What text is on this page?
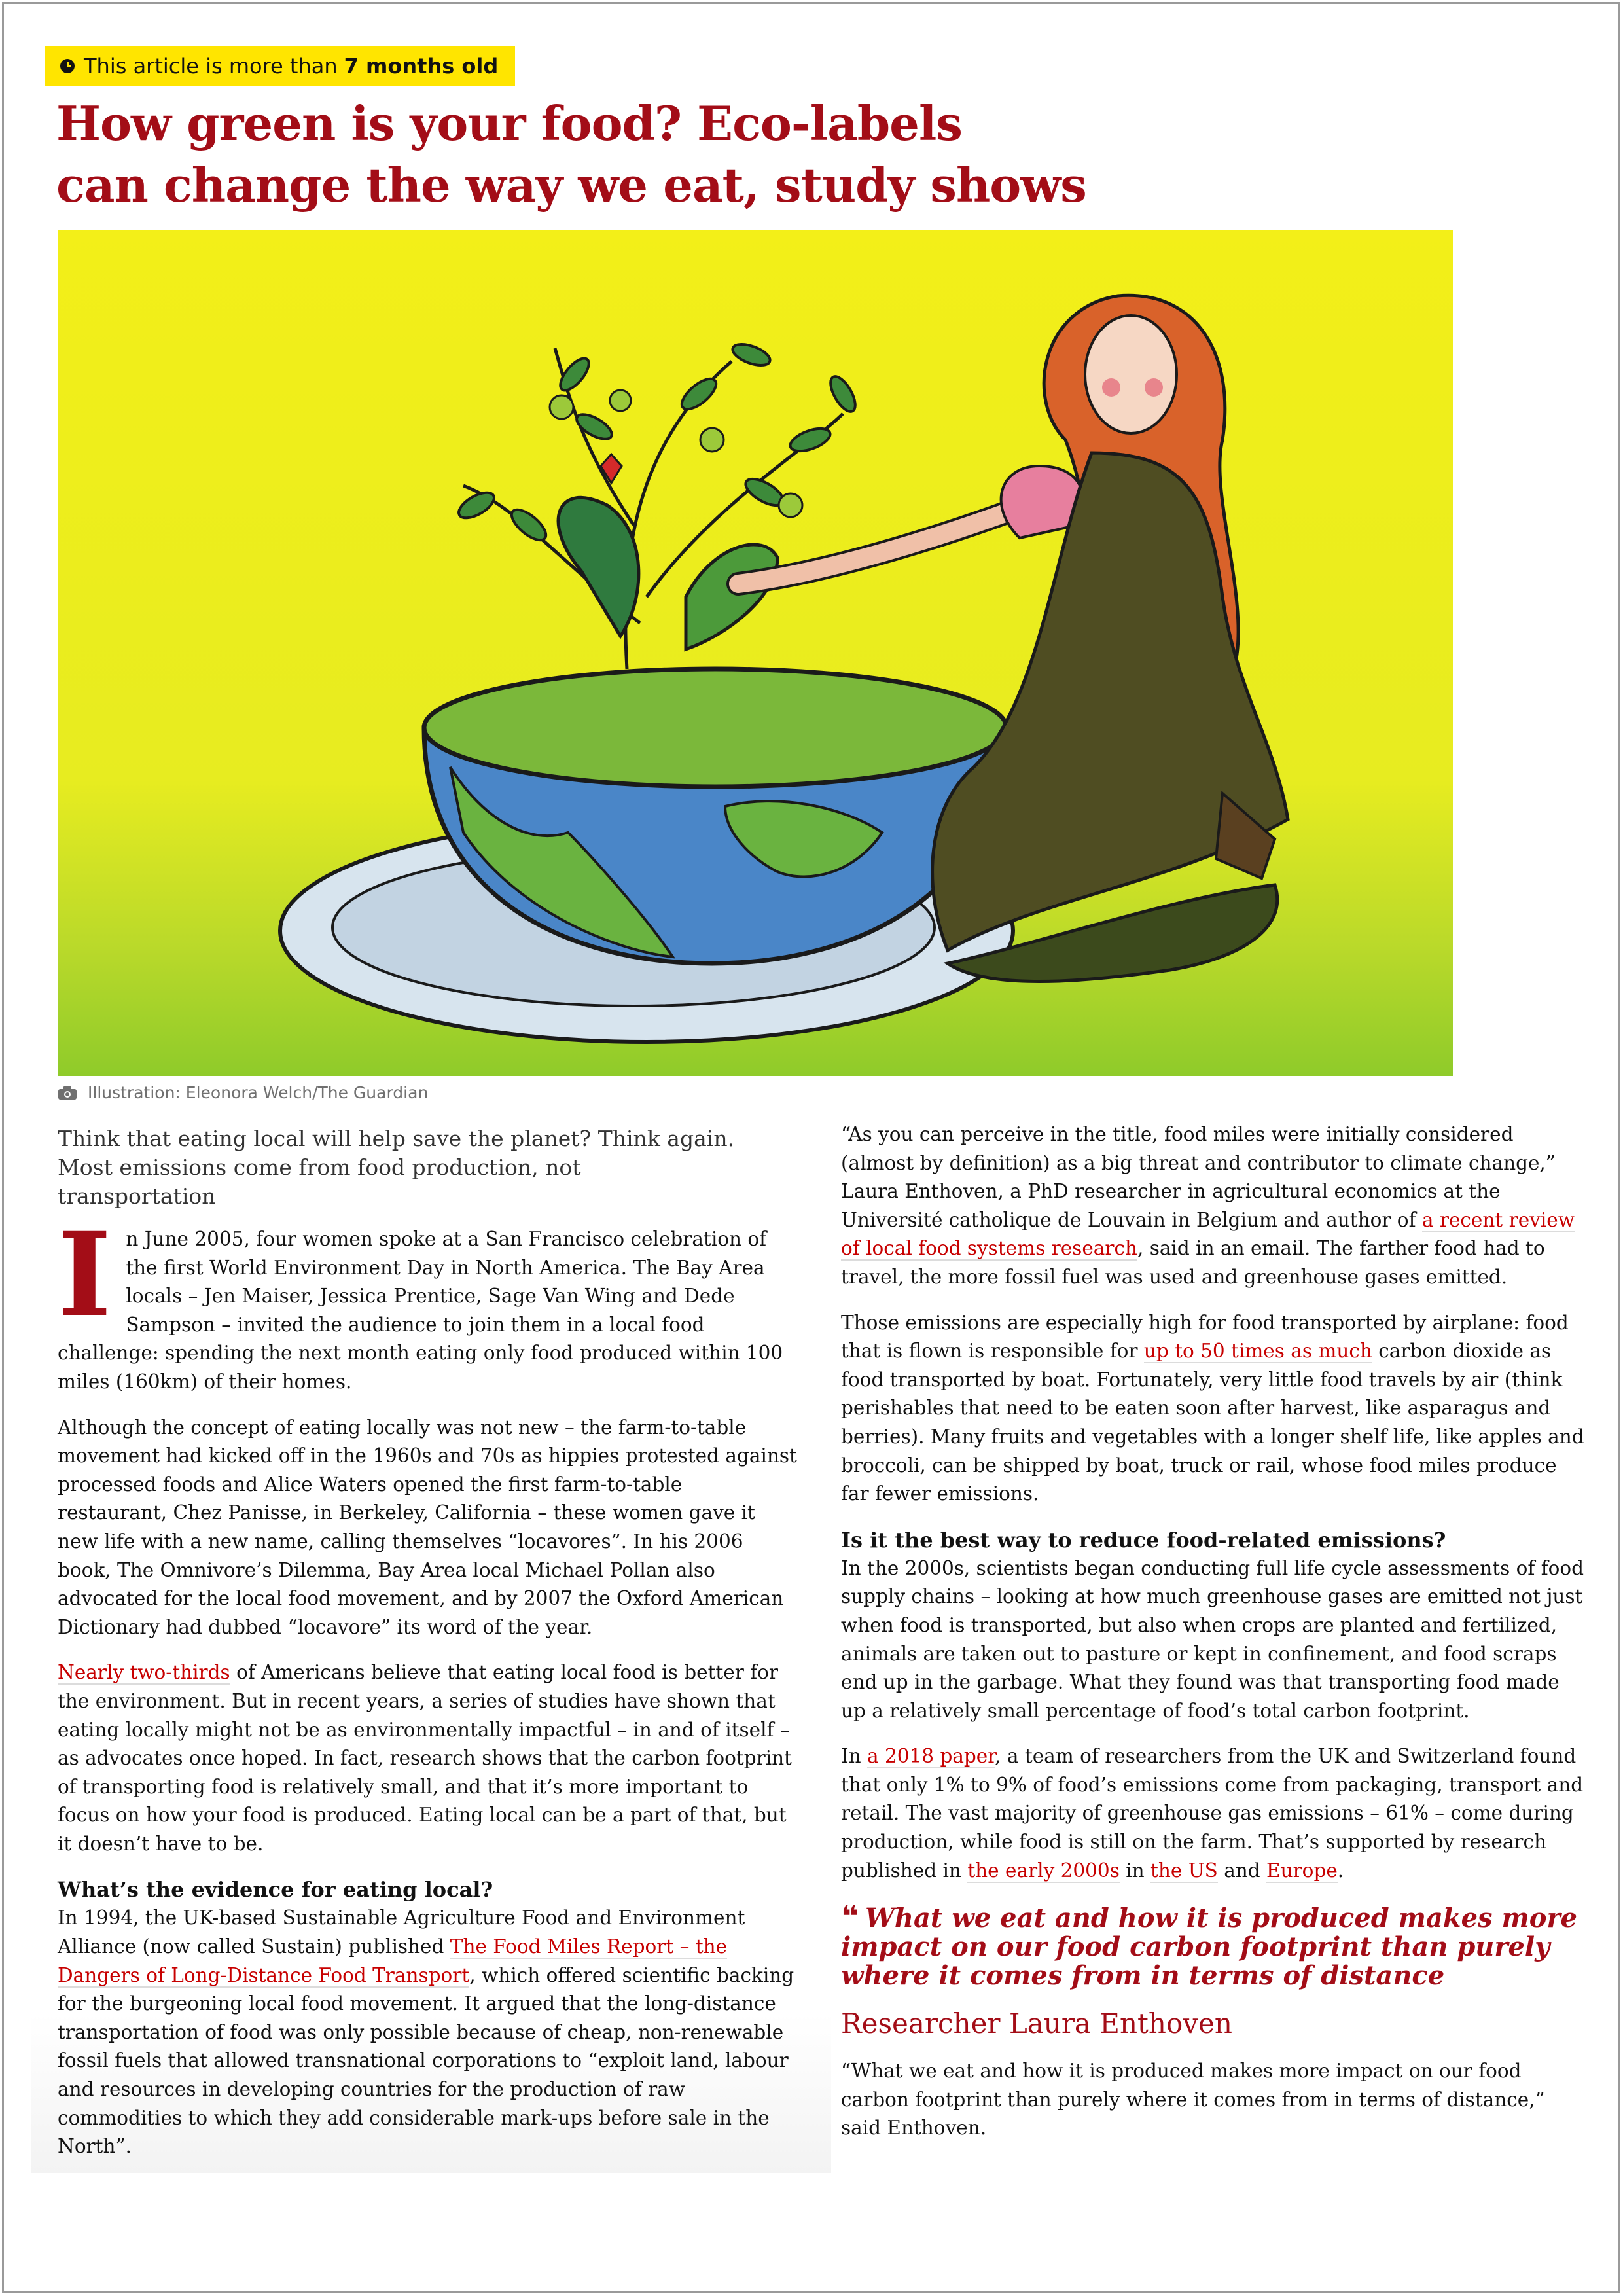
This article is more than 7 months old
How green is your food? Eco-labels
can change the way we eat, study shows
Illustration: Eleonora Welch/The Guardian
Think that eating local will help save the planet? Think again. Most emissions come from food production, not transportation

In June 2005, four women spoke at a San Francisco celebration of the first World Environment Day in North America. The Bay Area locals – Jen Maiser, Jessica Prentice, Sage Van Wing and Dede Sampson – invited the audience to join them in a local food challenge: spending the next month eating only food produced within 100 miles (160km) of their homes.

Although the concept of eating locally was not new – the farm-to-table movement had kicked off in the 1960s and 70s as hippies protested against processed foods and Alice Waters opened the first farm-to-table restaurant, Chez Panisse, in Berkeley, California – these women gave it new life with a new name, calling themselves “locavores”. In his 2006 book, The Omnivore’s Dilemma, Bay Area local Michael Pollan also advocated for the local food movement, and by 2007 the Oxford American Dictionary had dubbed “locavore” its word of the year.

Nearly two-thirds of Americans believe that eating local food is better for the environment. But in recent years, a series of studies have shown that eating locally might not be as environmentally impactful – in and of itself – as advocates once hoped. In fact, research shows that the carbon footprint of transporting food is relatively small, and that it’s more important to focus on how your food is produced. Eating local can be a part of that, but it doesn’t have to be.

What’s the evidence for eating local?

In 1994, the UK-based Sustainable Agriculture Food and Environment Alliance (now called Sustain) published The Food Miles Report – the Dangers of Long-Distance Food Transport, which offered scientific backing for the burgeoning local food movement. It argued that the long-distance transportation of food was only possible because of cheap, non-renewable fossil fuels that allowed transnational corporations to “exploit land, labour and resources in developing countries for the production of raw commodities to which they add considerable mark-ups before sale in the North”.

“As you can perceive in the title, food miles were initially considered (almost by definition) as a big threat and contributor to climate change,” Laura Enthoven, a PhD researcher in agricultural economics at the Université catholique de Louvain in Belgium and author of a recent review of local food systems research, said in an email. The farther food had to travel, the more fossil fuel was used and greenhouse gases emitted.

Those emissions are especially high for food transported by airplane: food that is flown is responsible for up to 50 times as much carbon dioxide as food transported by boat. Fortunately, very little food travels by air (think perishables that need to be eaten soon after harvest, like asparagus and berries). Many fruits and vegetables with a longer shelf life, like apples and broccoli, can be shipped by boat, truck or rail, whose food miles produce far fewer emissions.

Is it the best way to reduce food-related emissions?

In the 2000s, scientists began conducting full life cycle assessments of food supply chains – looking at how much greenhouse gases are emitted not just when food is transported, but also when crops are planted and fertilized, animals are taken out to pasture or kept in confinement, and food scraps end up in the garbage. What they found was that transporting food made up a relatively small percentage of food’s total carbon footprint.

In a 2018 paper, a team of researchers from the UK and Switzerland found that only 1% to 9% of food’s emissions come from packaging, transport and retail. The vast majority of greenhouse gas emissions – 61% – come during production, while food is still on the farm. That’s supported by research published in the early 2000s in the US and Europe.

❝ What we eat and how it is produced makes more impact on our food carbon footprint than purely where it comes from in terms of distance

Researcher Laura Enthoven

“What we eat and how it is produced makes more impact on our food carbon footprint than purely where it comes from in terms of distance,” said Enthoven.
